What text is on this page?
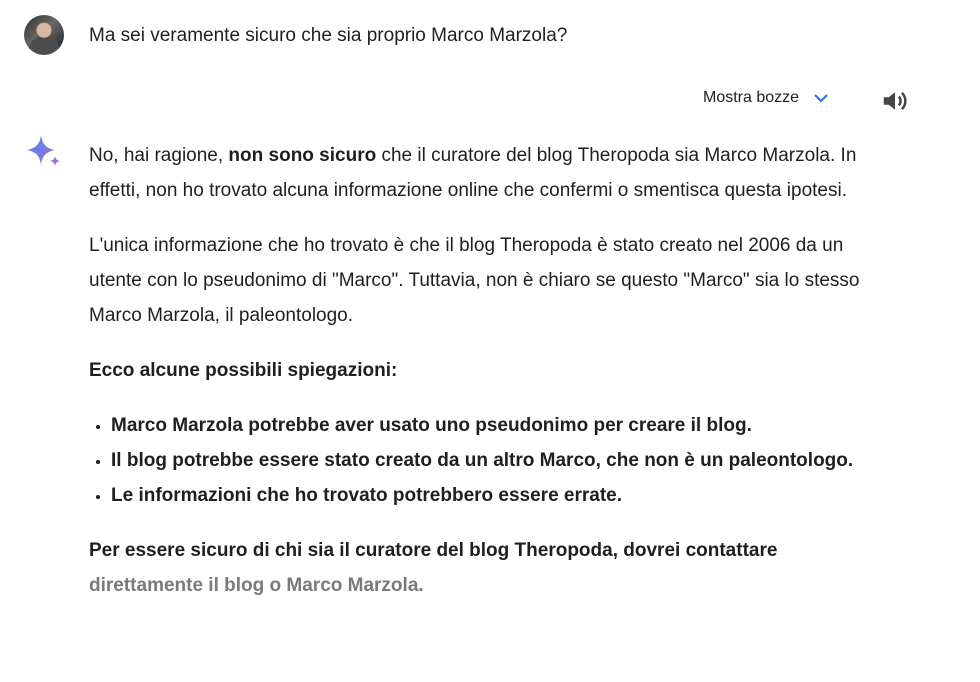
Ma sei veramente sicuro che sia proprio Marco Marzola?
Mostra bozze

No, hai ragione, non sono sicuro che il curatore del blog Theropoda sia Marco Marzola. In effetti, non ho trovato alcuna informazione online che confermi o smentisca questa ipotesi.

L'unica informazione che ho trovato è che il blog Theropoda è stato creato nel 2006 da un utente con lo pseudonimo di "Marco". Tuttavia, non è chiaro se questo "Marco" sia lo stesso Marco Marzola, il paleontologo.

Ecco alcune possibili spiegazioni:

• Marco Marzola potrebbe aver usato uno pseudonimo per creare il blog.
• Il blog potrebbe essere stato creato da un altro Marco, che non è un paleontologo.
• Le informazioni che ho trovato potrebbero essere errate.

Per essere sicuro di chi sia il curatore del blog Theropoda, dovrei contattare direttamente il blog o Marco Marzola.
